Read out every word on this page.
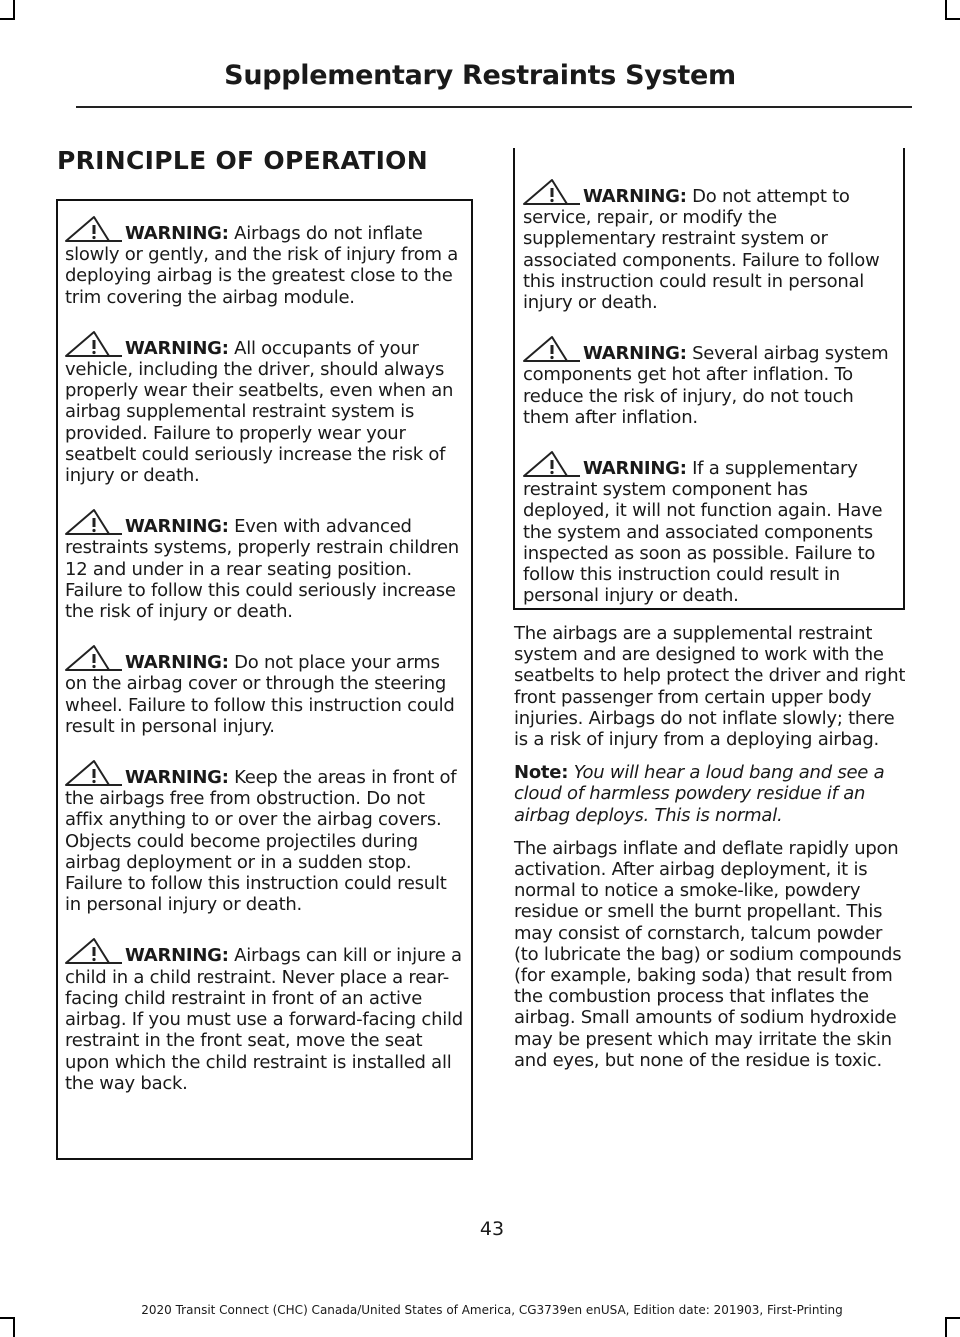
Supplementary Restraints System
PRINCIPLE OF OPERATION
WARNING: Airbags do not inflate slowly or gently, and the risk of injury from a deploying airbag is the greatest close to the trim covering the airbag module.
WARNING: All occupants of your vehicle, including the driver, should always properly wear their seatbelts, even when an airbag supplemental restraint system is provided. Failure to properly wear your seatbelt could seriously increase the risk of injury or death.
WARNING: Even with advanced restraints systems, properly restrain children 12 and under in a rear seating position. Failure to follow this could seriously increase the risk of injury or death.
WARNING: Do not place your arms on the airbag cover or through the steering wheel. Failure to follow this instruction could result in personal injury.
WARNING: Keep the areas in front of the airbags free from obstruction. Do not affix anything to or over the airbag covers. Objects could become projectiles during airbag deployment or in a sudden stop. Failure to follow this instruction could result in personal injury or death.
WARNING: Airbags can kill or injure a child in a child restraint. Never place a rear-facing child restraint in front of an active airbag. If you must use a forward-facing child restraint in the front seat, move the seat upon which the child restraint is installed all the way back.
WARNING: Do not attempt to service, repair, or modify the supplementary restraint system or associated components. Failure to follow this instruction could result in personal injury or death.
WARNING: Several airbag system components get hot after inflation. To reduce the risk of injury, do not touch them after inflation.
WARNING: If a supplementary restraint system component has deployed, it will not function again. Have the system and associated components inspected as soon as possible. Failure to follow this instruction could result in personal injury or death.

The airbags are a supplemental restraint system and are designed to work with the seatbelts to help protect the driver and right front passenger from certain upper body injuries. Airbags do not inflate slowly; there is a risk of injury from a deploying airbag.

Note: You will hear a loud bang and see a cloud of harmless powdery residue if an airbag deploys. This is normal.

The airbags inflate and deflate rapidly upon activation. After airbag deployment, it is normal to notice a smoke-like, powdery residue or smell the burnt propellant. This may consist of cornstarch, talcum powder (to lubricate the bag) or sodium compounds (for example, baking soda) that result from the combustion process that inflates the airbag. Small amounts of sodium hydroxide may be present which may irritate the skin and eyes, but none of the residue is toxic.

43
2020 Transit Connect (CHC) Canada/United States of America, CG3739en enUSA, Edition date: 201903, First-Printing
